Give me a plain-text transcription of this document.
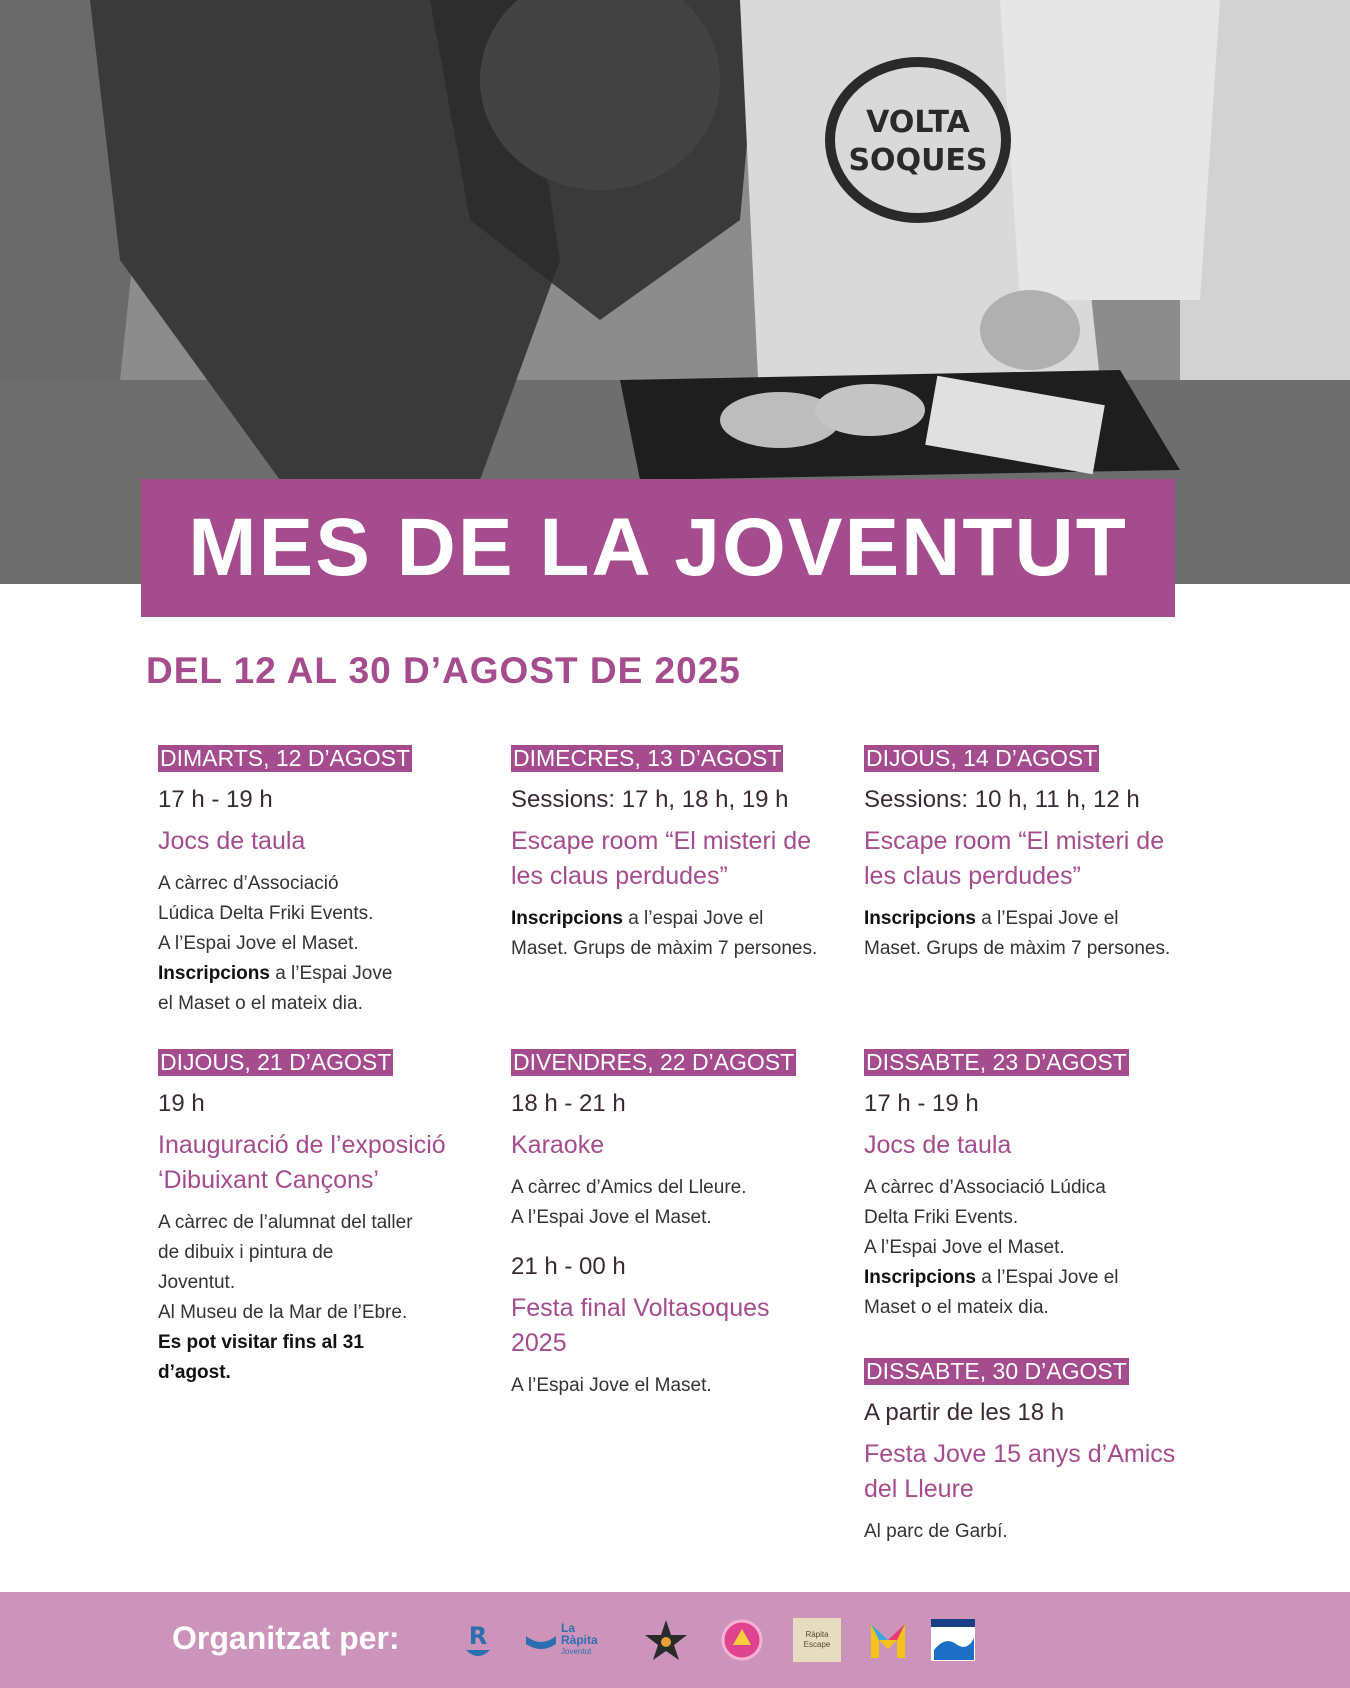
VOLTA
SOQUES
MES DE LA JOVENTUT
DEL 12 AL 30 D’AGOST DE 2025
DIMARTS, 12 D’AGOST
17 h - 19 h
Jocs de taula
A càrrec d’Associació
Lúdica Delta Friki Events.
A l’Espai Jove el Maset.
Inscripcions a l’Espai Jove
el Maset o el mateix dia.
DIMECRES, 13 D’AGOST
Sessions: 17 h, 18 h, 19 h
Escape room “El misteri de les claus perdudes”
Inscripcions a l’espai Jove el Maset. Grups de màxim 7 persones.
DIJOUS, 14 D’AGOST
Sessions: 10 h, 11 h, 12 h
Escape room “El misteri de les claus perdudes”
Inscripcions a l’Espai Jove el Maset. Grups de màxim 7 persones.
DIJOUS, 21 D’AGOST
19 h
Inauguració de l’exposició ‘Dibuixant Cançons’
A càrrec de l’alumnat del taller
de dibuix i pintura de
Joventut.
Al Museu de la Mar de l’Ebre.
Es pot visitar fins al 31
d’agost.
DIVENDRES, 22 D’AGOST
18 h - 21 h
Karaoke
A càrrec d’Amics del Lleure.
A l’Espai Jove el Maset.
21 h - 00 h
Festa final Voltasoques 2025
A l’Espai Jove el Maset.
DISSABTE, 23 D’AGOST
17 h - 19 h
Jocs de taula
A càrrec d’Associació Lúdica
Delta Friki Events.
A l’Espai Jove el Maset.
Inscripcions a l’Espai Jove el
Maset o el mateix dia.
DISSABTE, 30 D’AGOST
A partir de les 18 h
Festa Jove 15 anys d’Amics del Lleure
Al parc de Garbí.
Organitzat per:	R	La
Ràpita
Joventut
Ràpita
Escape
